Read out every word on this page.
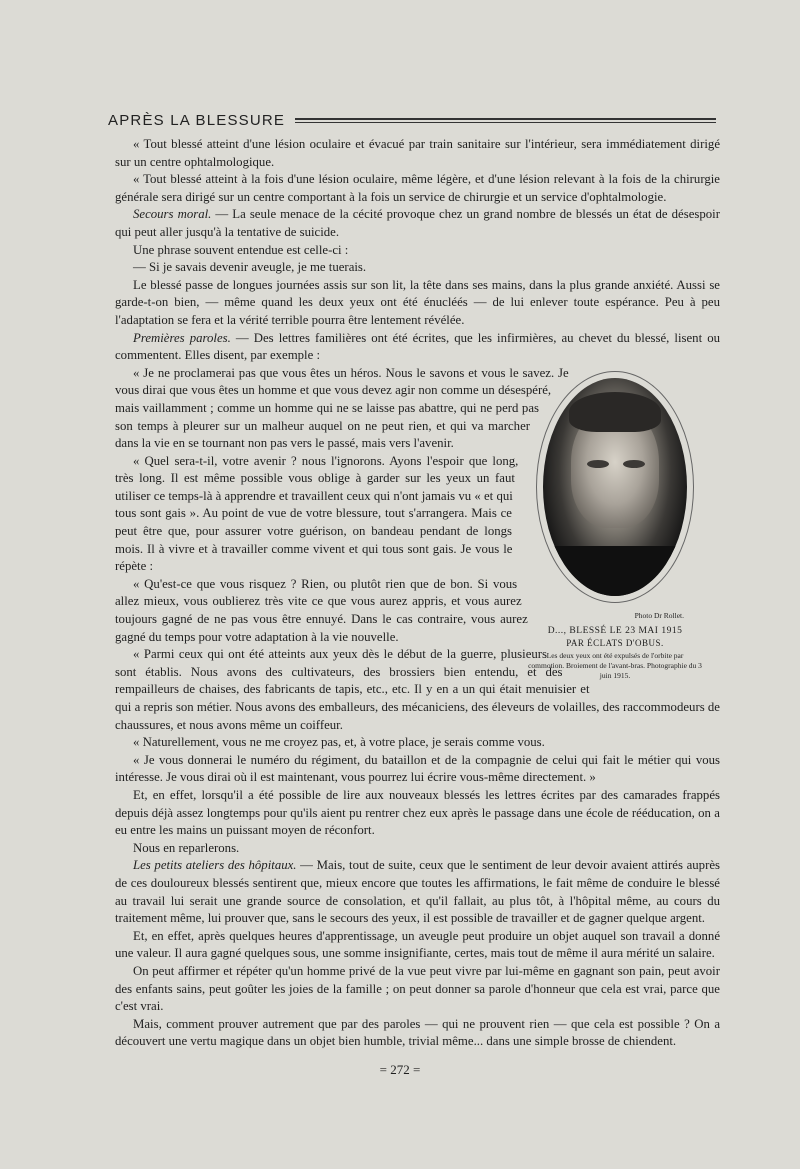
APRÈS LA BLESSURE

« Tout blessé atteint d'une lésion oculaire et évacué par train sanitaire sur l'intérieur, sera immédiatement dirigé sur un centre ophtalmologique.

« Tout blessé atteint à la fois d'une lésion oculaire, même légère, et d'une lésion relevant à la fois de la chirurgie générale sera dirigé sur un centre comportant à la fois un service de chirurgie et un service d'ophtalmologie.

Secours moral. — La seule menace de la cécité provoque chez un grand nombre de blessés un état de désespoir qui peut aller jusqu'à la tentative de suicide.

Une phrase souvent entendue est celle-ci :

— Si je savais devenir aveugle, je me tuerais.

Le blessé passe de longues journées assis sur son lit, la tête dans ses mains, dans la plus grande anxiété. Aussi se garde-t-on bien, — même quand les deux yeux ont été énucléés — de lui enlever toute espérance. Peu à peu l'adaptation se fera et la vérité terrible pourra être lentement révélée.

Premières paroles. — Des lettres familières ont été écrites, que les infirmières, au chevet du blessé, lisent ou commentent. Elles disent, par exemple :

Photo Dr Rollet.
D..., BLESSÉ LE 23 MAI 1915
PAR ÉCLATS D'OBUS.
Les deux yeux ont été expulsés de l'orbite par commotion. Broiement de l'avant-bras. Photographie du 3 juin 1915.

« Je ne proclamerai pas que vous êtes un héros. Nous le savons et vous le savez. Je vous dirai que vous êtes un homme et que vous devez agir non comme un désespéré, mais vaillamment ; comme un homme qui ne se laisse pas abattre, qui ne perd pas son temps à pleurer sur un malheur auquel on ne peut rien, et qui va marcher dans la vie en se tournant non pas vers le passé, mais vers l'avenir.

« Quel sera-t-il, votre avenir ? nous l'ignorons. Ayons l'espoir que long, très long. Il est même possible vous oblige à garder sur les yeux un faut utiliser ce temps-là à apprendre et travaillent ceux qui n'ont jamais vu « et qui tous sont gais ». Au point de vue de votre blessure, tout s'arrangera. Mais ce peut être que, pour assurer votre guérison, on bandeau pendant de longs mois. Il à vivre et à travailler comme vivent et qui tous sont gais. Je vous le répète :

« Qu'est-ce que vous risquez ? Rien, ou plutôt rien que de bon. Si vous allez mieux, vous oublierez très vite ce que vous aurez appris, et vous aurez toujours gagné de ne pas vous être ennuyé. Dans le cas contraire, vous aurez gagné du temps pour votre adaptation à la vie nouvelle.

« Parmi ceux qui ont été atteints aux yeux dès le début de la guerre, plusieurs sont établis. Nous avons des cultivateurs, des brossiers bien entendu, et des rempailleurs de chaises, des fabricants de tapis, etc., etc. Il y en a un qui était menuisier et qui a repris son métier. Nous avons des emballeurs, des mécaniciens, des éleveurs de volailles, des raccommodeurs de chaussures, et nous avons même un coiffeur.

« Naturellement, vous ne me croyez pas, et, à votre place, je serais comme vous.

« Je vous donnerai le numéro du régiment, du bataillon et de la compagnie de celui qui fait le métier qui vous intéresse. Je vous dirai où il est maintenant, vous pourrez lui écrire vous-même directement. »

Et, en effet, lorsqu'il a été possible de lire aux nouveaux blessés les lettres écrites par des camarades frappés depuis déjà assez longtemps pour qu'ils aient pu rentrer chez eux après le passage dans une école de rééducation, on a eu entre les mains un puissant moyen de réconfort.

Nous en reparlerons.

Les petits ateliers des hôpitaux. — Mais, tout de suite, ceux que le sentiment de leur devoir avaient attirés auprès de ces douloureux blessés sentirent que, mieux encore que toutes les affirmations, le fait même de conduire le blessé au travail lui serait une grande source de consolation, et qu'il fallait, au plus tôt, à l'hôpital même, au cours du traitement même, lui prouver que, sans le secours des yeux, il est possible de travailler et de gagner quelque argent.

Et, en effet, après quelques heures d'apprentissage, un aveugle peut produire un objet auquel son travail a donné une valeur. Il aura gagné quelques sous, une somme insignifiante, certes, mais tout de même il aura mérité un salaire.

On peut affirmer et répéter qu'un homme privé de la vue peut vivre par lui-même en gagnant son pain, peut avoir des enfants sains, peut goûter les joies de la famille ; on peut donner sa parole d'honneur que cela est vrai, parce que c'est vrai.

Mais, comment prouver autrement que par des paroles — qui ne prouvent rien — que cela est possible ? On a découvert une vertu magique dans un objet bien humble, trivial même... dans une simple brosse de chiendent.

= 272 =
